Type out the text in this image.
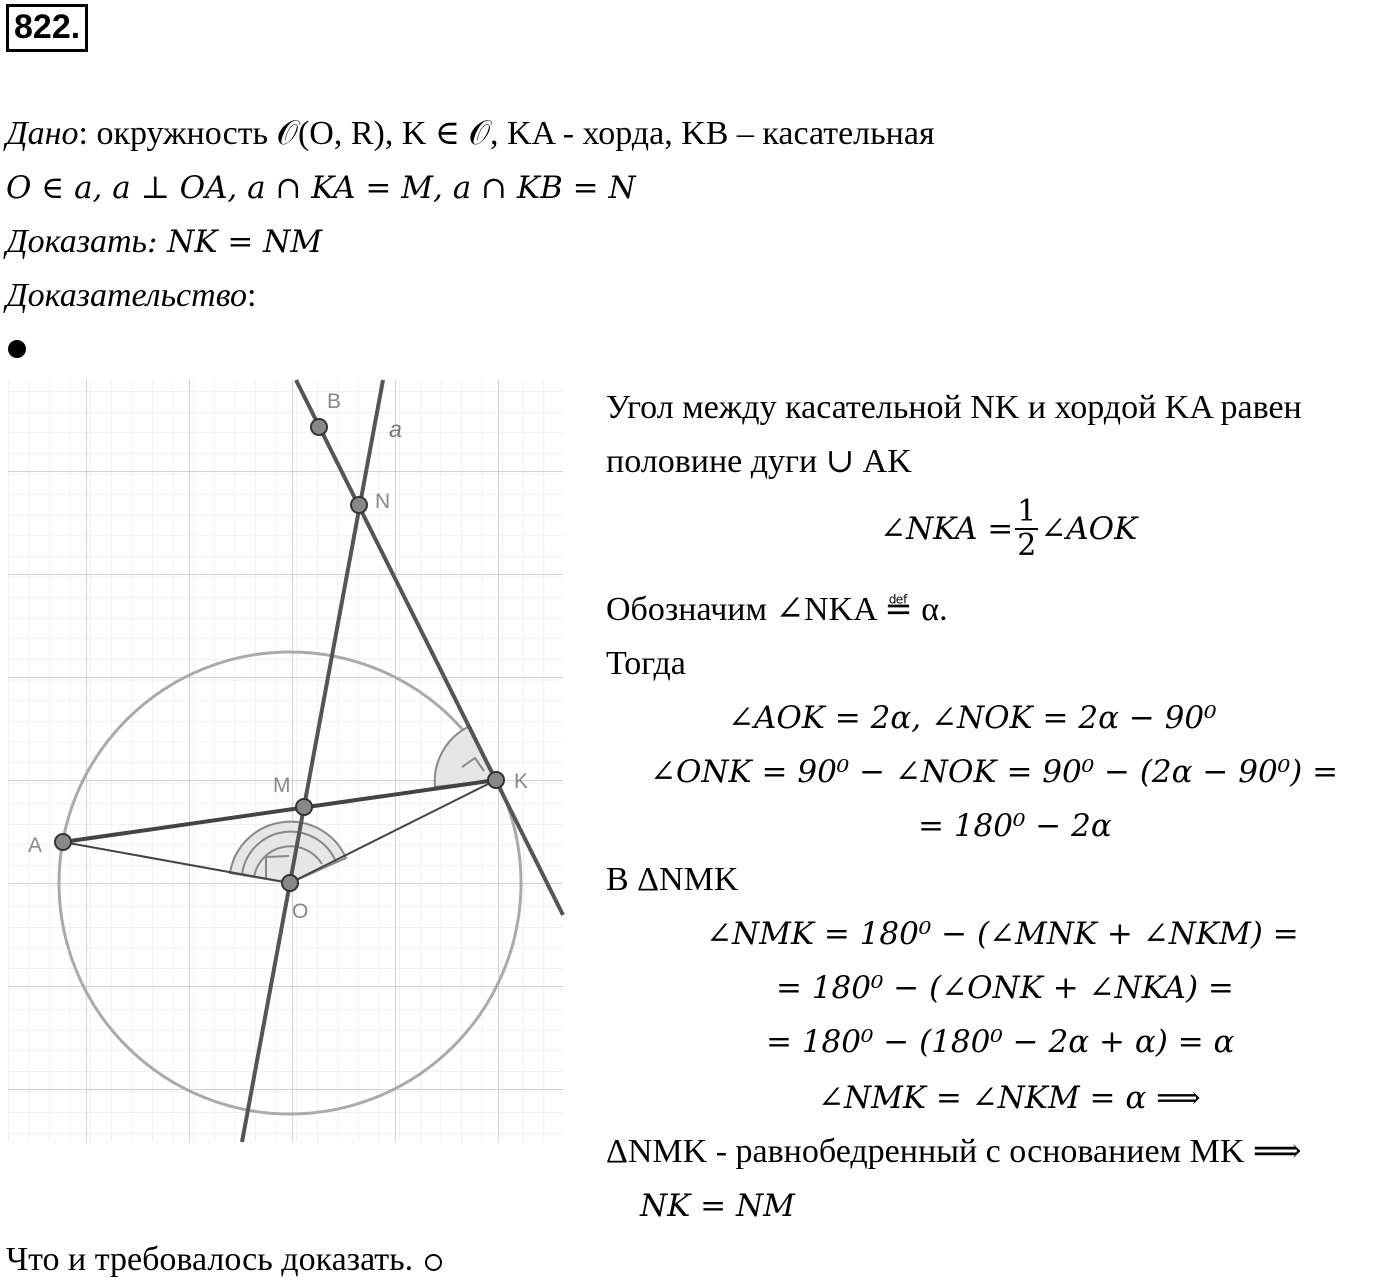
822.
Дано: окружность 𝒪(O, R), K ∈ 𝒪, KA - хорда, KB – касательная
O ∈ a, a ⊥ OA, a ∩ KA = M, a ∩ KB = N
Доказать: NK = NM
Доказательство:
B
a
N
M	K
A
O
Угол между касательной NK и хордой KA равен
половине дуги ∪ AK
∠NKA = $\frac{1}{2}$ ∠AOK
Обозначим ∠NKA ≝ α.
Тогда
∠AOK = 2α, ∠NOK = 2α − 90⁰
∠ONK = 90⁰ − ∠NOK = 90⁰ − (2α − 90⁰) =
= 180⁰ − 2α
В ΔNMK
∠NMK = 180⁰ − (∠MNK + ∠NKM) =
= 180⁰ − (∠ONK + ∠NKA) =
= 180⁰ − (180⁰ − 2α + α) = α
∠NMK = ∠NKM = α ⟹
ΔNMK - равнобедренный с основанием MK ⟹
NK = NM
Что и требовалось доказать.
